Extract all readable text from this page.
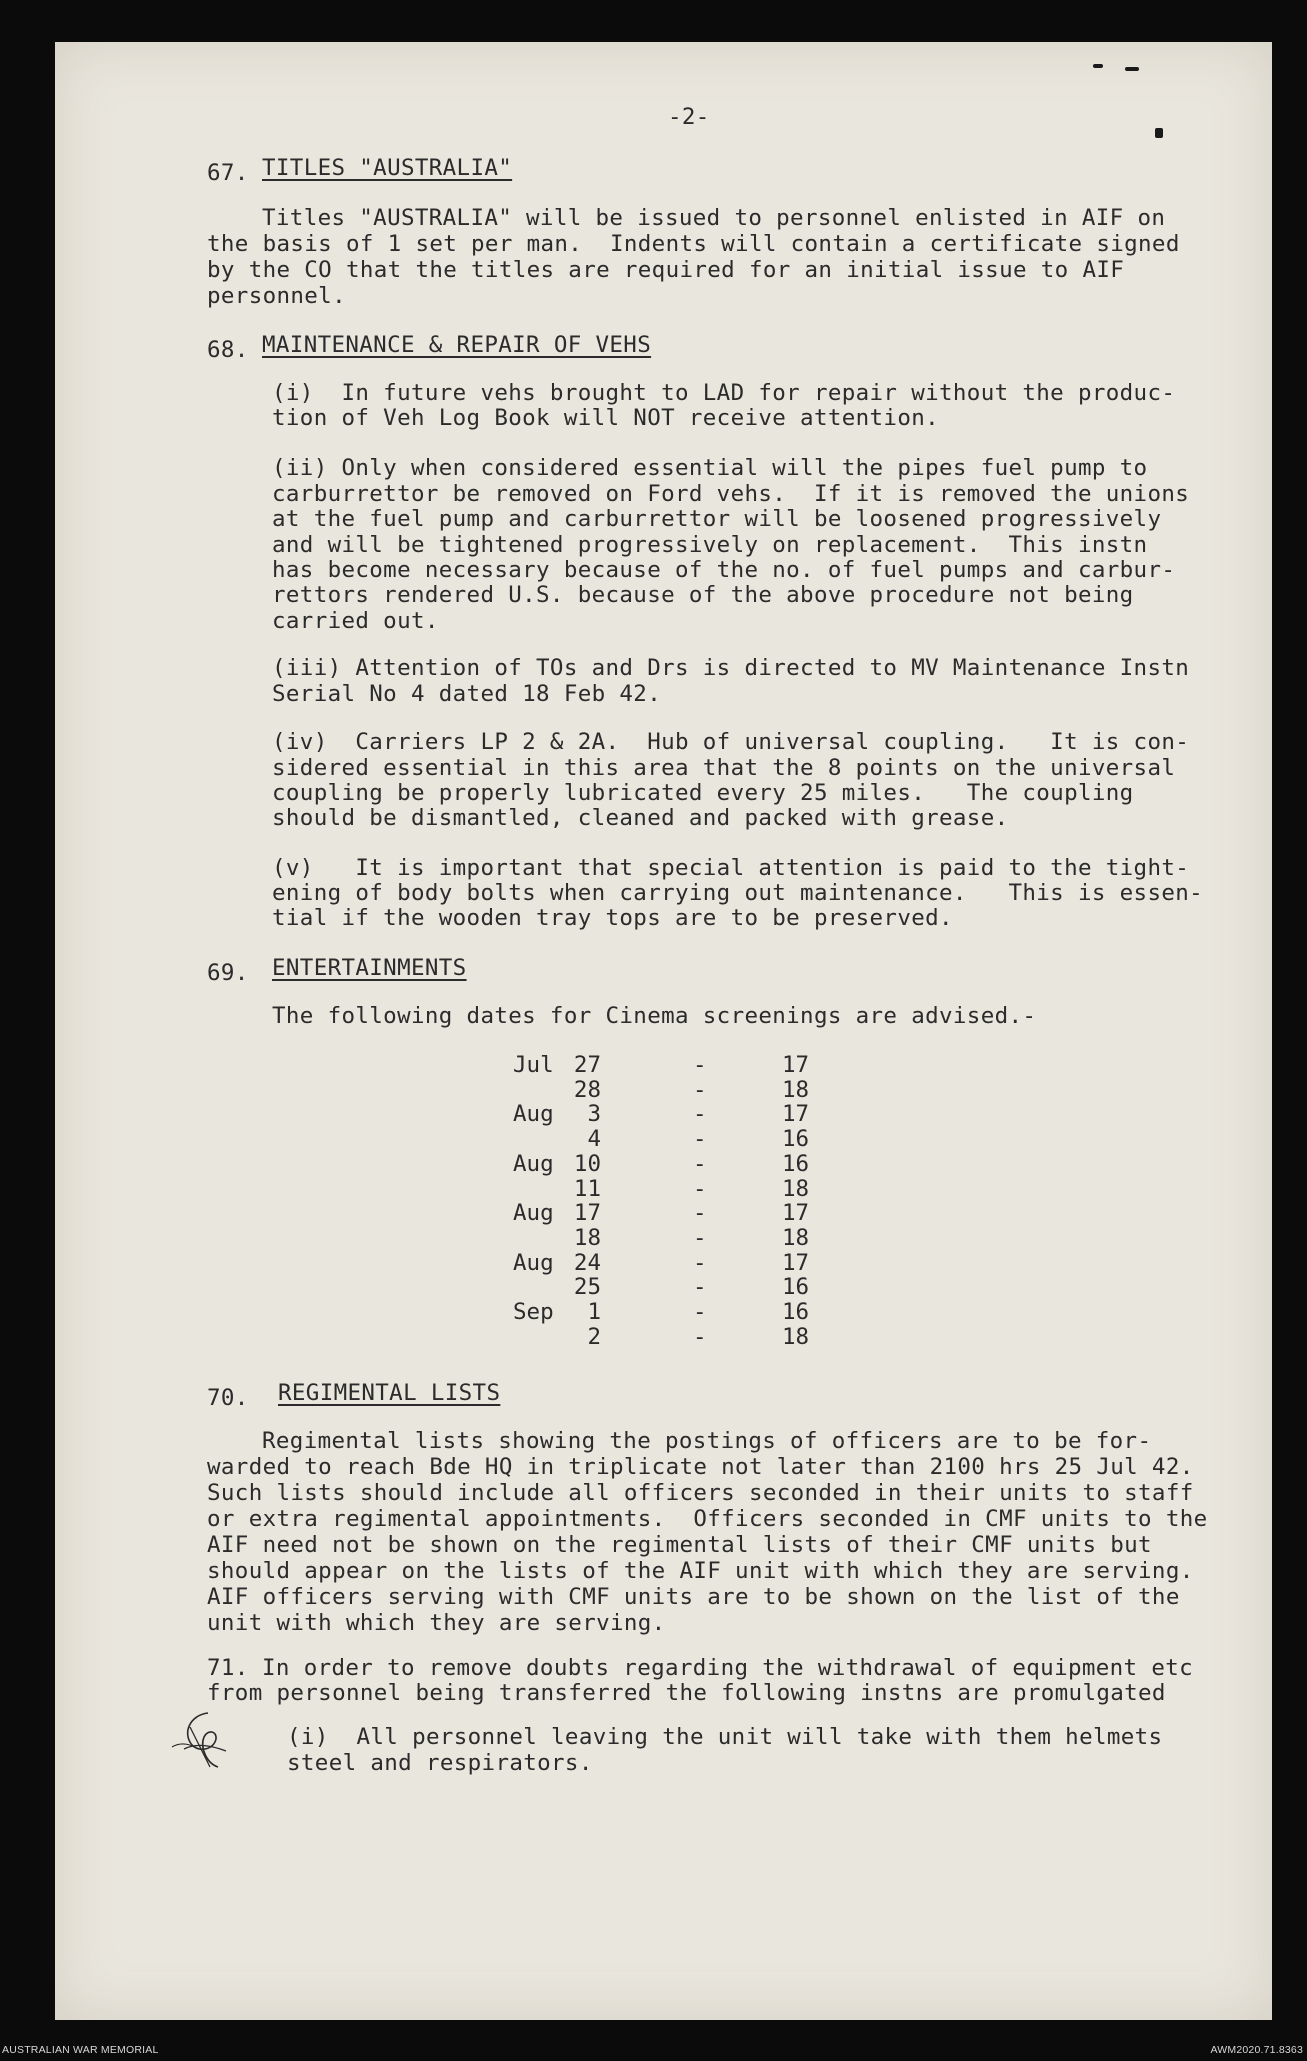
-2-
67. TITLES "AUSTRALIA"
Titles "AUSTRALIA" will be issued to personnel enlisted in AIF on
the basis of 1 set per man.  Indents will contain a certificate signed
by the CO that the titles are required for an initial issue to AIF
personnel.
68. MAINTENANCE & REPAIR OF VEHS
(i)  In future vehs brought to LAD for repair without the produc-
tion of Veh Log Book will NOT receive attention.
(ii) Only when considered essential will the pipes fuel pump to
carburrettor be removed on Ford vehs.  If it is removed the unions
at the fuel pump and carburrettor will be loosened progressively
and will be tightened progressively on replacement.  This instn
has become necessary because of the no. of fuel pumps and carbur-
rettors rendered U.S. because of the above procedure not being
carried out.
(iii) Attention of TOs and Drs is directed to MV Maintenance Instn
Serial No 4 dated 18 Feb 42.
(iv)  Carriers LP 2 & 2A.  Hub of universal coupling.   It is con-
sidered essential in this area that the 8 points on the universal
coupling be properly lubricated every 25 miles.   The coupling
should be dismantled, cleaned and packed with grease.
(v)   It is important that special attention is paid to the tight-
ening of body bolts when carrying out maintenance.   This is essen-
tial if the wooden tray tops are to be preserved.
69. ENTERTAINMENTS
The following dates for Cinema screenings are advised.-
Jul 27	-	17
28	-	18
Aug	3	-	17
4	-	16
Aug 10	-	16
11	-	18
Aug 17	-	17
18	-	18
Aug 24	-	17
25	-	16
Sep	1	-	16
2	-	18
70. REGIMENTAL LISTS
Regimental lists showing the postings of officers are to be for-
warded to reach Bde HQ in triplicate not later than 2100 hrs 25 Jul 42.
Such lists should include all officers seconded in their units to staff
or extra regimental appointments.  Officers seconded in CMF units to the
AIF need not be shown on the regimental lists of their CMF units but
should appear on the lists of the AIF unit with which they are serving.
AIF officers serving with CMF units are to be shown on the list of the
unit with which they are serving.
71. In order to remove doubts regarding the withdrawal of equipment etc
from personnel being transferred the following instns are promulgated
(i)  All personnel leaving the unit will take with them helmets
steel and respirators.
AUSTRALIAN WAR MEMORIAL	AWM2020.71.8363
